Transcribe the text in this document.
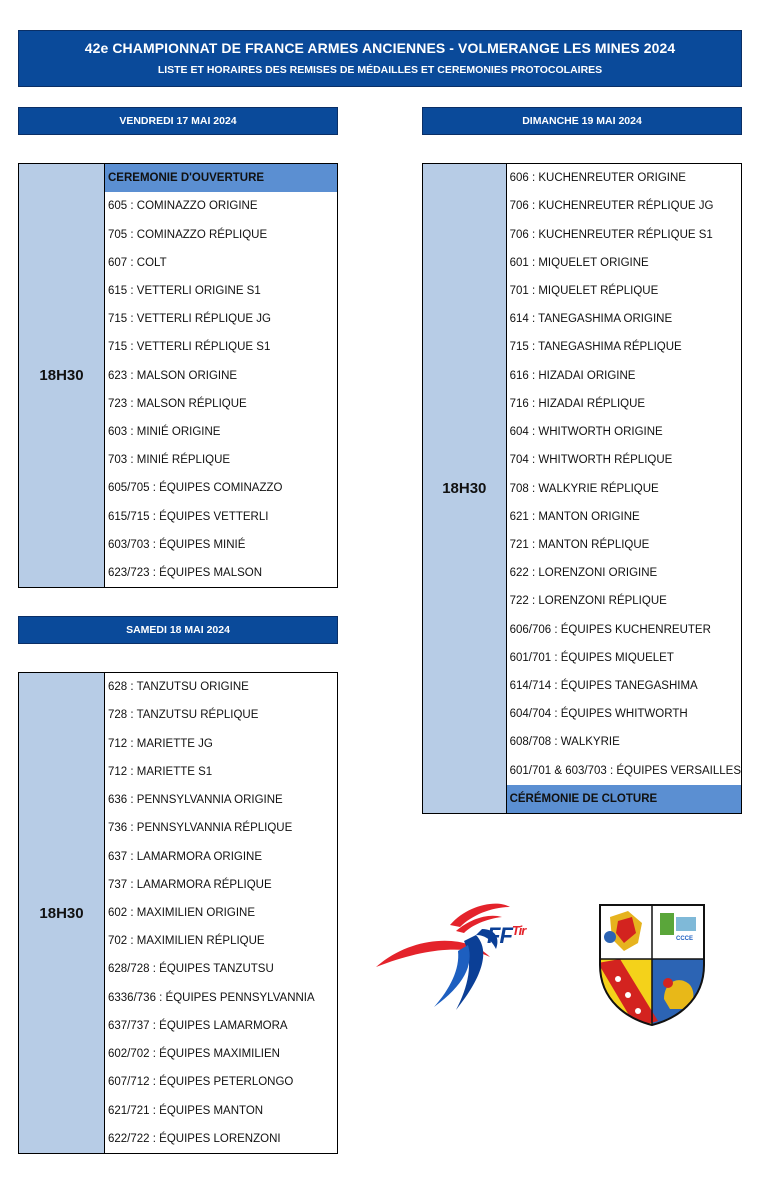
42e CHAMPIONNAT DE FRANCE ARMES ANCIENNES - VOLMERANGE LES MINES 2024
LISTE ET HORAIRES DES REMISES DE MÉDAILLES ET CEREMONIES PROTOCOLAIRES
VENDREDI 17 MAI 2024
18H30
CEREMONIE D'OUVERTURE
605 : COMINAZZO ORIGINE
705 : COMINAZZO RÉPLIQUE
607 : COLT
615 : VETTERLI ORIGINE S1
715 : VETTERLI RÉPLIQUE JG
715 : VETTERLI RÉPLIQUE S1
623 : MALSON ORIGINE
723 : MALSON RÉPLIQUE
603 : MINIÉ ORIGINE
703 : MINIÉ RÉPLIQUE
605/705 : ÉQUIPES COMINAZZO
615/715 : ÉQUIPES VETTERLI
603/703 : ÉQUIPES MINIÉ
623/723 : ÉQUIPES MALSON
SAMEDI 18 MAI 2024
18H30
628 : TANZUTSU ORIGINE
728 : TANZUTSU RÉPLIQUE
712 : MARIETTE JG
712 : MARIETTE S1
636 : PENNSYLVANNIA ORIGINE
736 : PENNSYLVANNIA RÉPLIQUE
637 : LAMARMORA ORIGINE
737 : LAMARMORA RÉPLIQUE
602 : MAXIMILIEN ORIGINE
702 : MAXIMILIEN RÉPLIQUE
628/728 : ÉQUIPES TANZUTSU
6336/736 : ÉQUIPES PENNSYLVANNIA
637/737 : ÉQUIPES LAMARMORA
602/702 : ÉQUIPES MAXIMILIEN
607/712 : ÉQUIPES PETERLONGO
621/721 : ÉQUIPES MANTON
622/722 : ÉQUIPES LORENZONI
DIMANCHE 19 MAI 2024
18H30
606 : KUCHENREUTER ORIGINE
706 : KUCHENREUTER RÉPLIQUE JG
706 : KUCHENREUTER RÉPLIQUE S1
601 : MIQUELET ORIGINE
701 : MIQUELET RÉPLIQUE
614 : TANEGASHIMA ORIGINE
715 : TANEGASHIMA RÉPLIQUE
616 : HIZADAI ORIGINE
716 : HIZADAI RÉPLIQUE
604 : WHITWORTH ORIGINE
704 : WHITWORTH RÉPLIQUE
708 : WALKYRIE RÉPLIQUE
621 : MANTON ORIGINE
721 : MANTON RÉPLIQUE
622 : LORENZONI ORIGINE
722 : LORENZONI RÉPLIQUE
606/706 : ÉQUIPES KUCHENREUTER
601/701 : ÉQUIPES MIQUELET
614/714 : ÉQUIPES TANEGASHIMA
604/704 : ÉQUIPES WHITWORTH
608/708 : WALKYRIE
601/701 & 603/703 : ÉQUIPES VERSAILLES
CÉRÉMONIE DE CLOTURE
$FF^{Tir}$
CCCE
